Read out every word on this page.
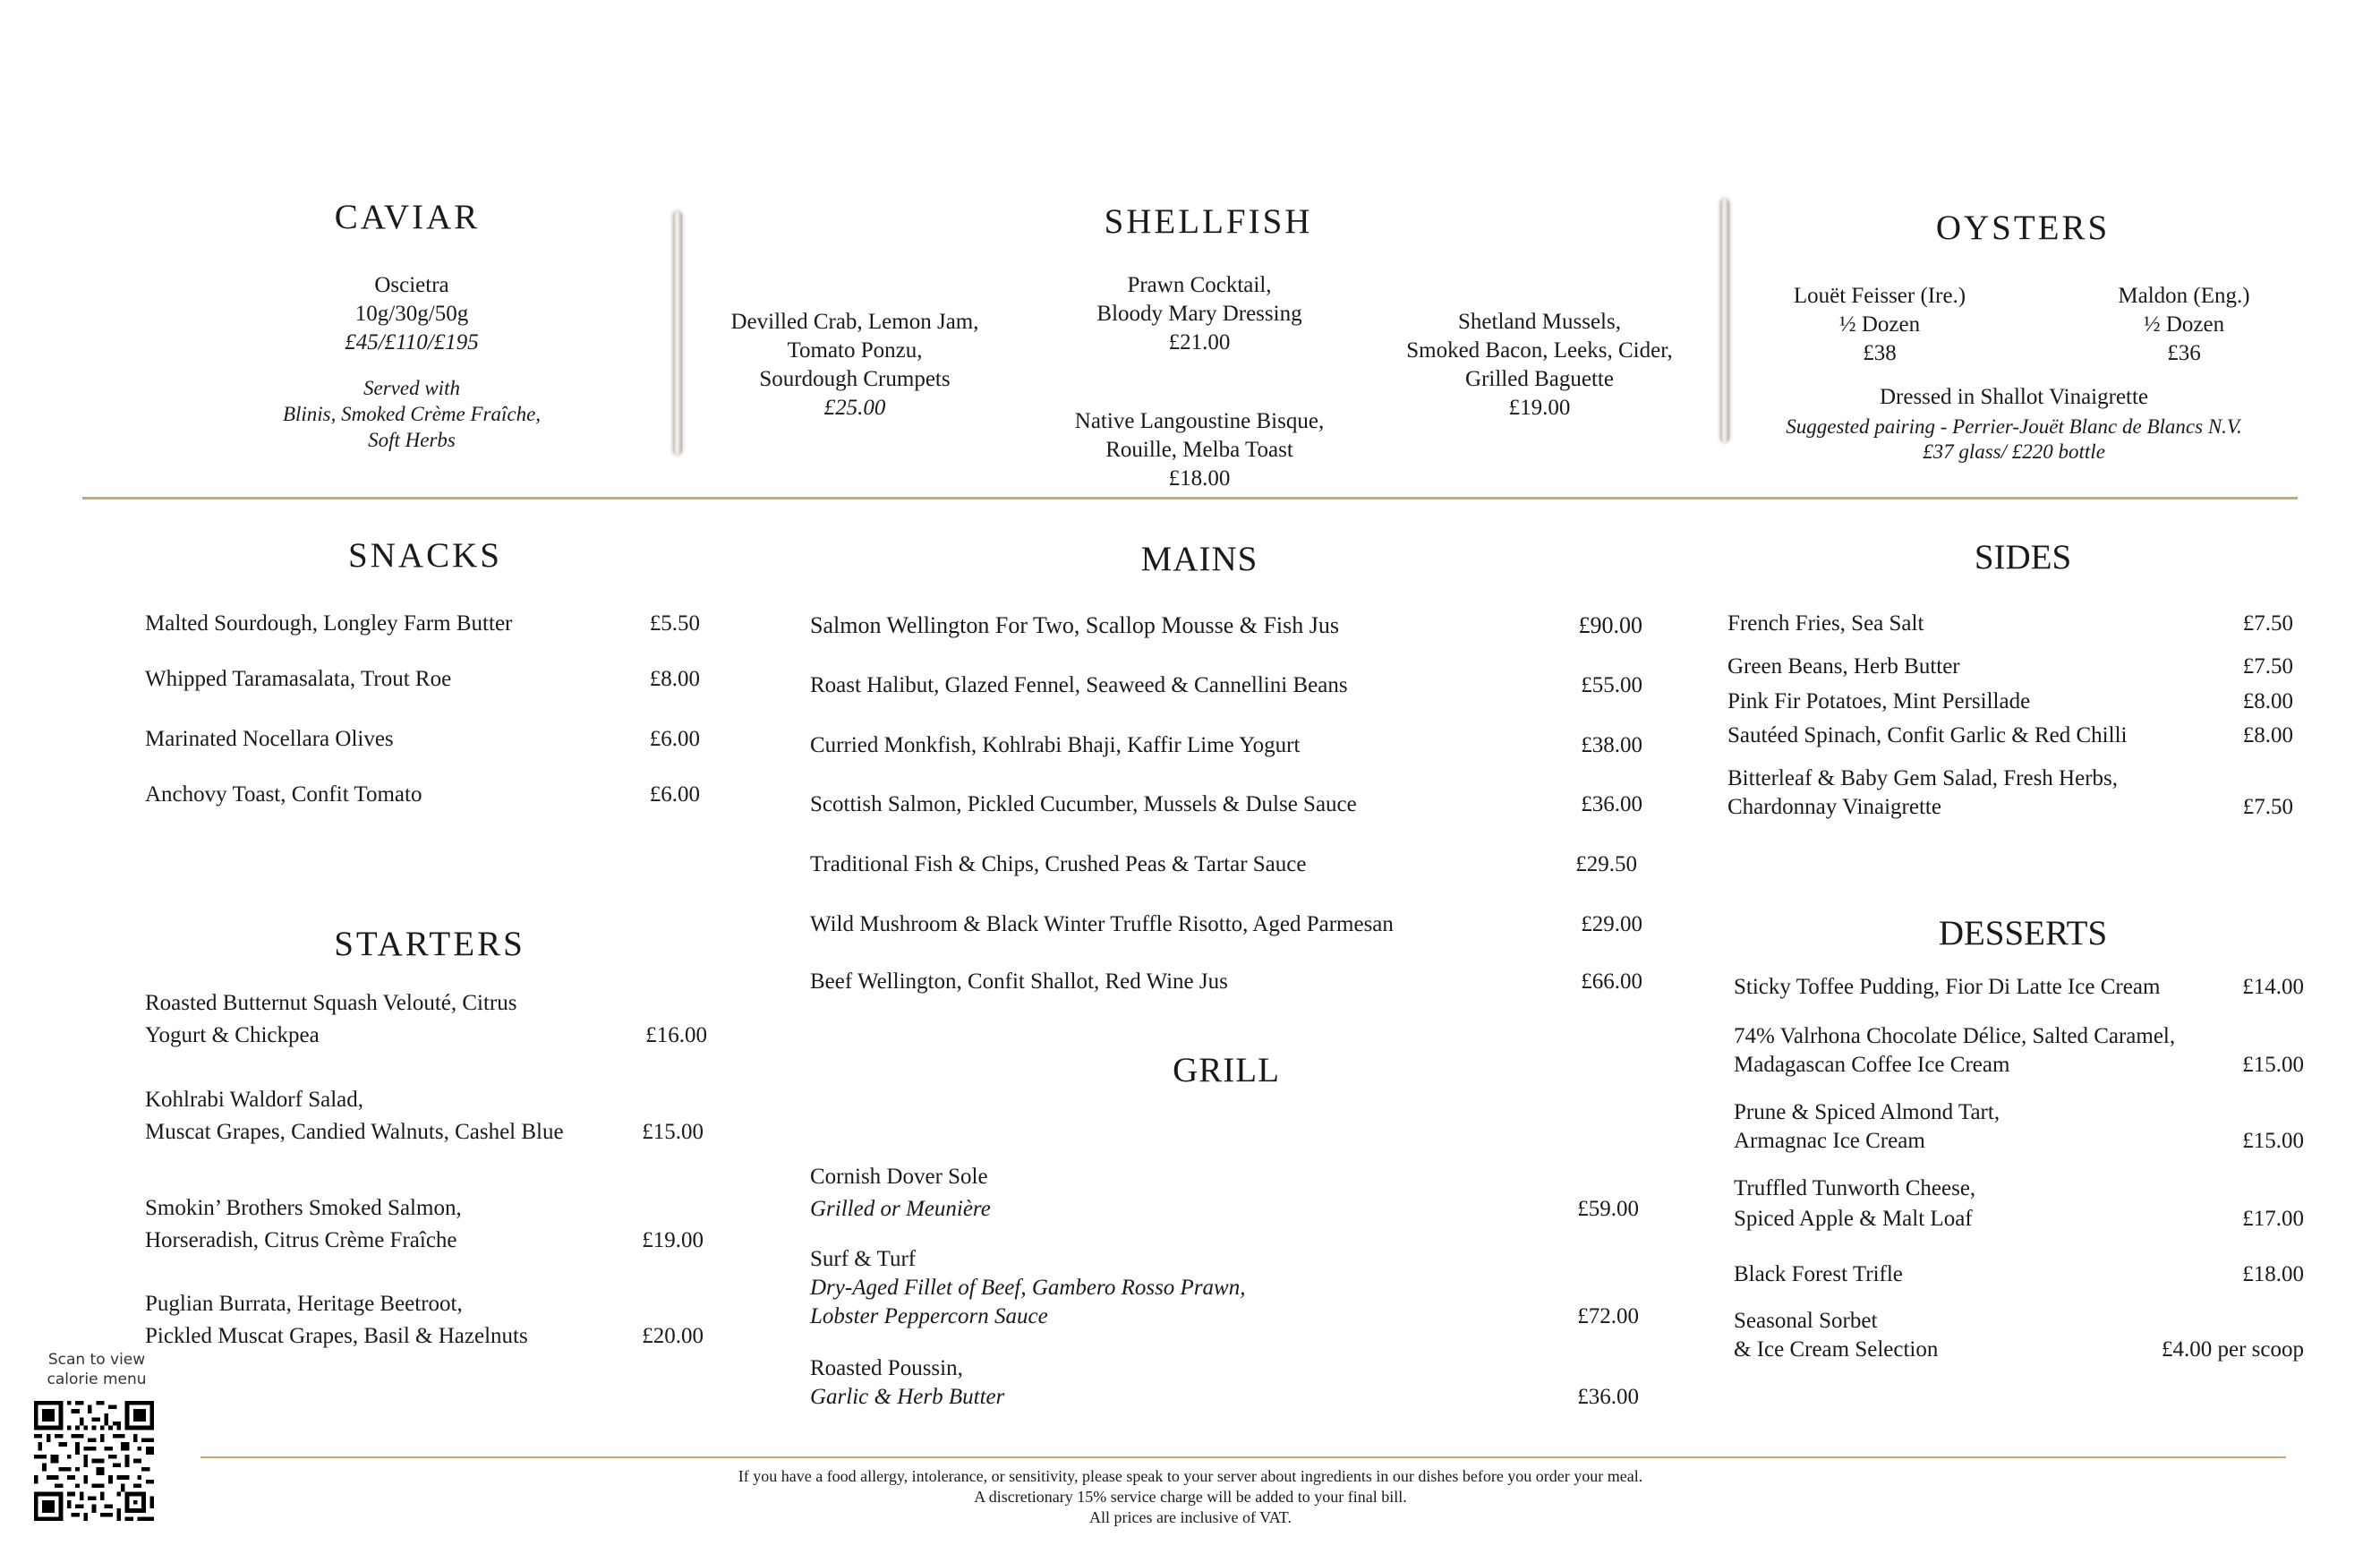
CAVIAR
Oscietra
10g/30g/50g
£45/£110/£195
Served with
Blinis, Smoked Crème Fraîche,
Soft Herbs
SHELLFISH
Devilled Crab, Lemon Jam,
Tomato Ponzu,
Sourdough Crumpets
£25.00
Prawn Cocktail,
Bloody Mary Dressing
£21.00
Native Langoustine Bisque,
Rouille, Melba Toast
£18.00
Shetland Mussels,
Smoked Bacon, Leeks, Cider,
Grilled Baguette
£19.00
OYSTERS
Louët Feisser (Ire.)
½ Dozen
£38
Maldon (Eng.)
½ Dozen
£36
Dressed in Shallot Vinaigrette
Suggested pairing - Perrier-Jouët Blanc de Blancs N.V.
£37 glass/ £220 bottle
SNACKS
Malted Sourdough, Longley Farm Butter	£5.50
Whipped Taramasalata, Trout Roe	£8.00
Marinated Nocellara Olives	£6.00
Anchovy Toast, Confit Tomato	£6.00
STARTERS
Roasted Butternut Squash Velouté, Citrus
Yogurt & Chickpea	£16.00
Kohlrabi Waldorf Salad,
Muscat Grapes, Candied Walnuts, Cashel Blue	£15.00
Smokin’ Brothers Smoked Salmon,
Horseradish, Citrus Crème Fraîche	£19.00
Puglian Burrata, Heritage Beetroot,
Pickled Muscat Grapes, Basil & Hazelnuts	£20.00
Scan to view
calorie menu
MAINS
Salmon Wellington For Two, Scallop Mousse & Fish Jus	£90.00
Roast Halibut, Glazed Fennel, Seaweed & Cannellini Beans	£55.00
Curried Monkfish, Kohlrabi Bhaji, Kaffir Lime Yogurt	£38.00
Scottish Salmon, Pickled Cucumber, Mussels & Dulse Sauce	£36.00
Traditional Fish & Chips, Crushed Peas & Tartar Sauce	£29.50
Wild Mushroom & Black Winter Truffle Risotto, Aged Parmesan	£29.00
Beef Wellington, Confit Shallot, Red Wine Jus	£66.00
GRILL
Cornish Dover Sole
Grilled or Meunière	£59.00
Surf & Turf
Dry-Aged Fillet of Beef, Gambero Rosso Prawn,
Lobster Peppercorn Sauce	£72.00
Roasted Poussin,
Garlic & Herb Butter	£36.00
SIDES
French Fries, Sea Salt	£7.50
Green Beans, Herb Butter	£7.50
Pink Fir Potatoes, Mint Persillade	£8.00
Sautéed Spinach, Confit Garlic & Red Chilli	£8.00
Bitterleaf & Baby Gem Salad, Fresh Herbs,
Chardonnay Vinaigrette	£7.50
DESSERTS
Sticky Toffee Pudding, Fior Di Latte Ice Cream	£14.00
74% Valrhona Chocolate Délice, Salted Caramel,
Madagascan Coffee Ice Cream	£15.00
Prune & Spiced Almond Tart,
Armagnac Ice Cream	£15.00
Truffled Tunworth Cheese,
Spiced Apple & Malt Loaf	£17.00
Black Forest Trifle	£18.00
Seasonal Sorbet
& Ice Cream Selection	£4.00 per scoop
If you have a food allergy, intolerance, or sensitivity, please speak to your server about ingredients in our dishes before you order your meal.
A discretionary 15% service charge will be added to your final bill.
All prices are inclusive of VAT.
